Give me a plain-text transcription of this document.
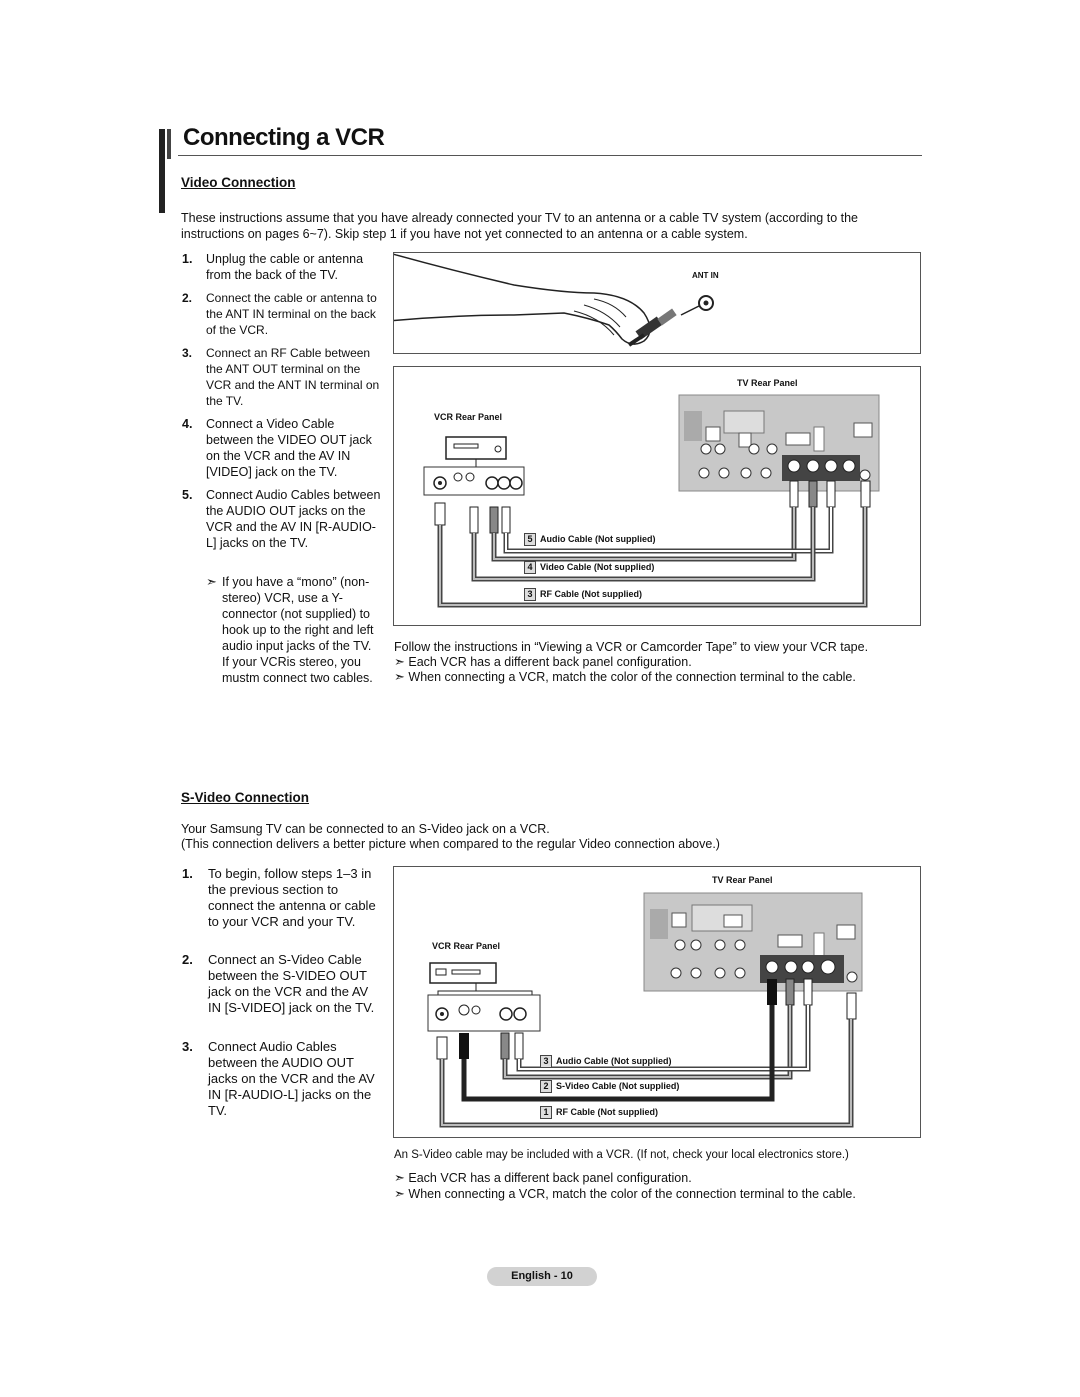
Connecting a VCR
Video Connection
These instructions assume that you have already connected your TV to an antenna or a cable TV system (according to the instructions on pages 6~7). Skip step 1 if you have not yet connected to an antenna or a cable system.
1. Unplug the cable or antenna from the back of the TV.
2. Connect the cable or antenna to the ANT IN terminal on the back of the VCR.
3. Connect an RF Cable between the ANT OUT terminal on the VCR and the ANT IN terminal on the TV.
4. Connect a Video Cable between the VIDEO OUT jack on the VCR and the AV IN [VIDEO] jack on the TV.
5. Connect Audio Cables between the AUDIO OUT jacks on the VCR and the AV IN [R-AUDIO-L] jacks on the TV.
➣ If you have a “mono” (non-stereo) VCR, use a Y-connector (not supplied) to hook up to the right and left audio input jacks of the TV. If your VCRis stereo, you mustm connect two cables.
ANT IN
TV Rear Panel
VCR Rear Panel
5 Audio Cable (Not supplied)
4 Video Cable (Not supplied)
3 RF Cable (Not supplied)
Follow the instructions in “Viewing a VCR or Camcorder Tape” to view your VCR tape.
➣ Each VCR has a different back panel configuration.
➣ When connecting a VCR, match the color of the connection terminal to the cable.
S-Video Connection
Your Samsung TV can be connected to an S-Video jack on a VCR.
(This connection delivers a better picture when compared to the regular Video connection above.)
1. To begin, follow steps 1–3 in the previous section to connect the antenna or cable to your VCR and your TV.
2. Connect an S-Video Cable between the S-VIDEO OUT jack on the VCR and the AV IN [S-VIDEO] jack on the TV.
3. Connect Audio Cables between the AUDIO OUT jacks on the VCR and the AV IN [R-AUDIO-L] jacks on the TV.
TV Rear Panel
VCR Rear Panel
3 Audio Cable (Not supplied)
2 S-Video Cable (Not supplied)
1 RF Cable (Not supplied)
An S-Video cable may be included with a VCR. (If not, check your local electronics store.)
➣ Each VCR has a different back panel configuration.
➣ When connecting a VCR, match the color of the connection terminal to the cable.
English - 10
